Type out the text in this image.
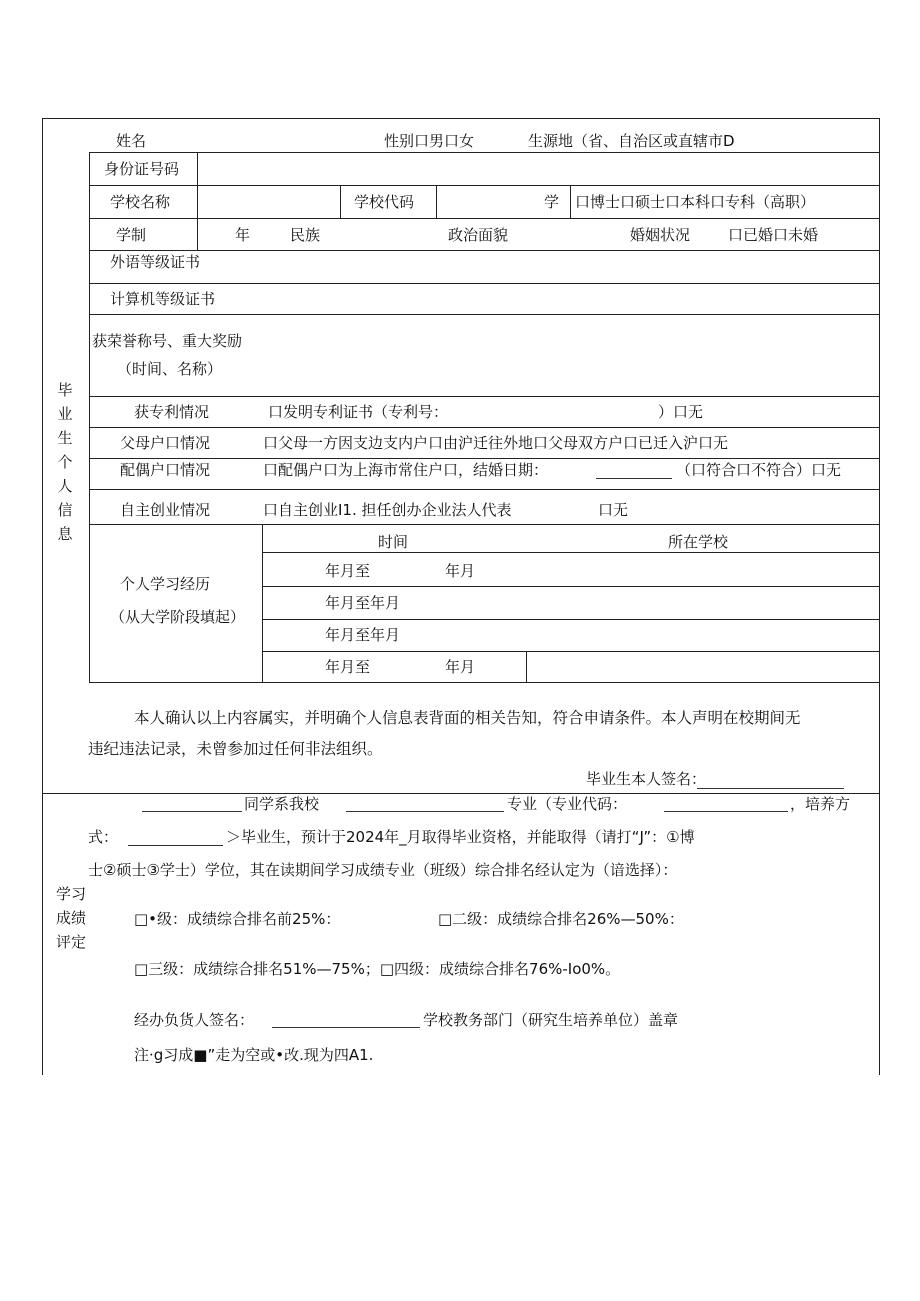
毕业生个人信息
学习成绩评定
姓名	性别口男口女	生源地（省、自治区或直辖市D
身份证号码
学校名称	学校代码	学 口博士口硕士口本科口专科（高职）
学制	年	民族	政治面貌	婚姻状况	口已婚口未婚
外语等级证书
计算机等级证书
获荣誉称号、重大奖励
（时间、名称）
获专利情况	口发明专利证书（专利号：	）口无
父母户口情况	口父母一方因支边支内户口由沪迁往外地口父母双方户口已迁入沪口无
配偶户口情况	口配偶户口为上海市常住户口，结婚日期：	（口符合口不符合）口无
自主创业情况	口自主创业I1. 担任创办企业法人代表	口无
时间	所在学校
个人学习经历
（从大学阶段填起）
年月至	年月
年月至年月
年月至年月
年月至	年月
本人确认以上内容属实，并明确个人信息表背面的相关告知，符合申请条件。本人声明在校期间无
违纪违法记录，未曾参加过任何非法组织。
毕业生本人签名：
同学系我校	专业（专业代码：	，培养方
式：	＞毕业生，预计于2024年_月取得毕业资格，并能取得（请打“J”：①博
士②硕士③学士）学位，其在读期间学习成绩专业（班级）综合排名经认定为（谙选择）：
□•级：成绩综合排名前25%：	□二级：成绩综合排名26%—50%：
□三级：成绩综合排名51%—75%；□四级：成绩综合排名76%-Io0%。
经办负货人签名：	学校教务部门（研究生培养单位）盖章
注·g习成■”走为空或•改.现为四A1.
